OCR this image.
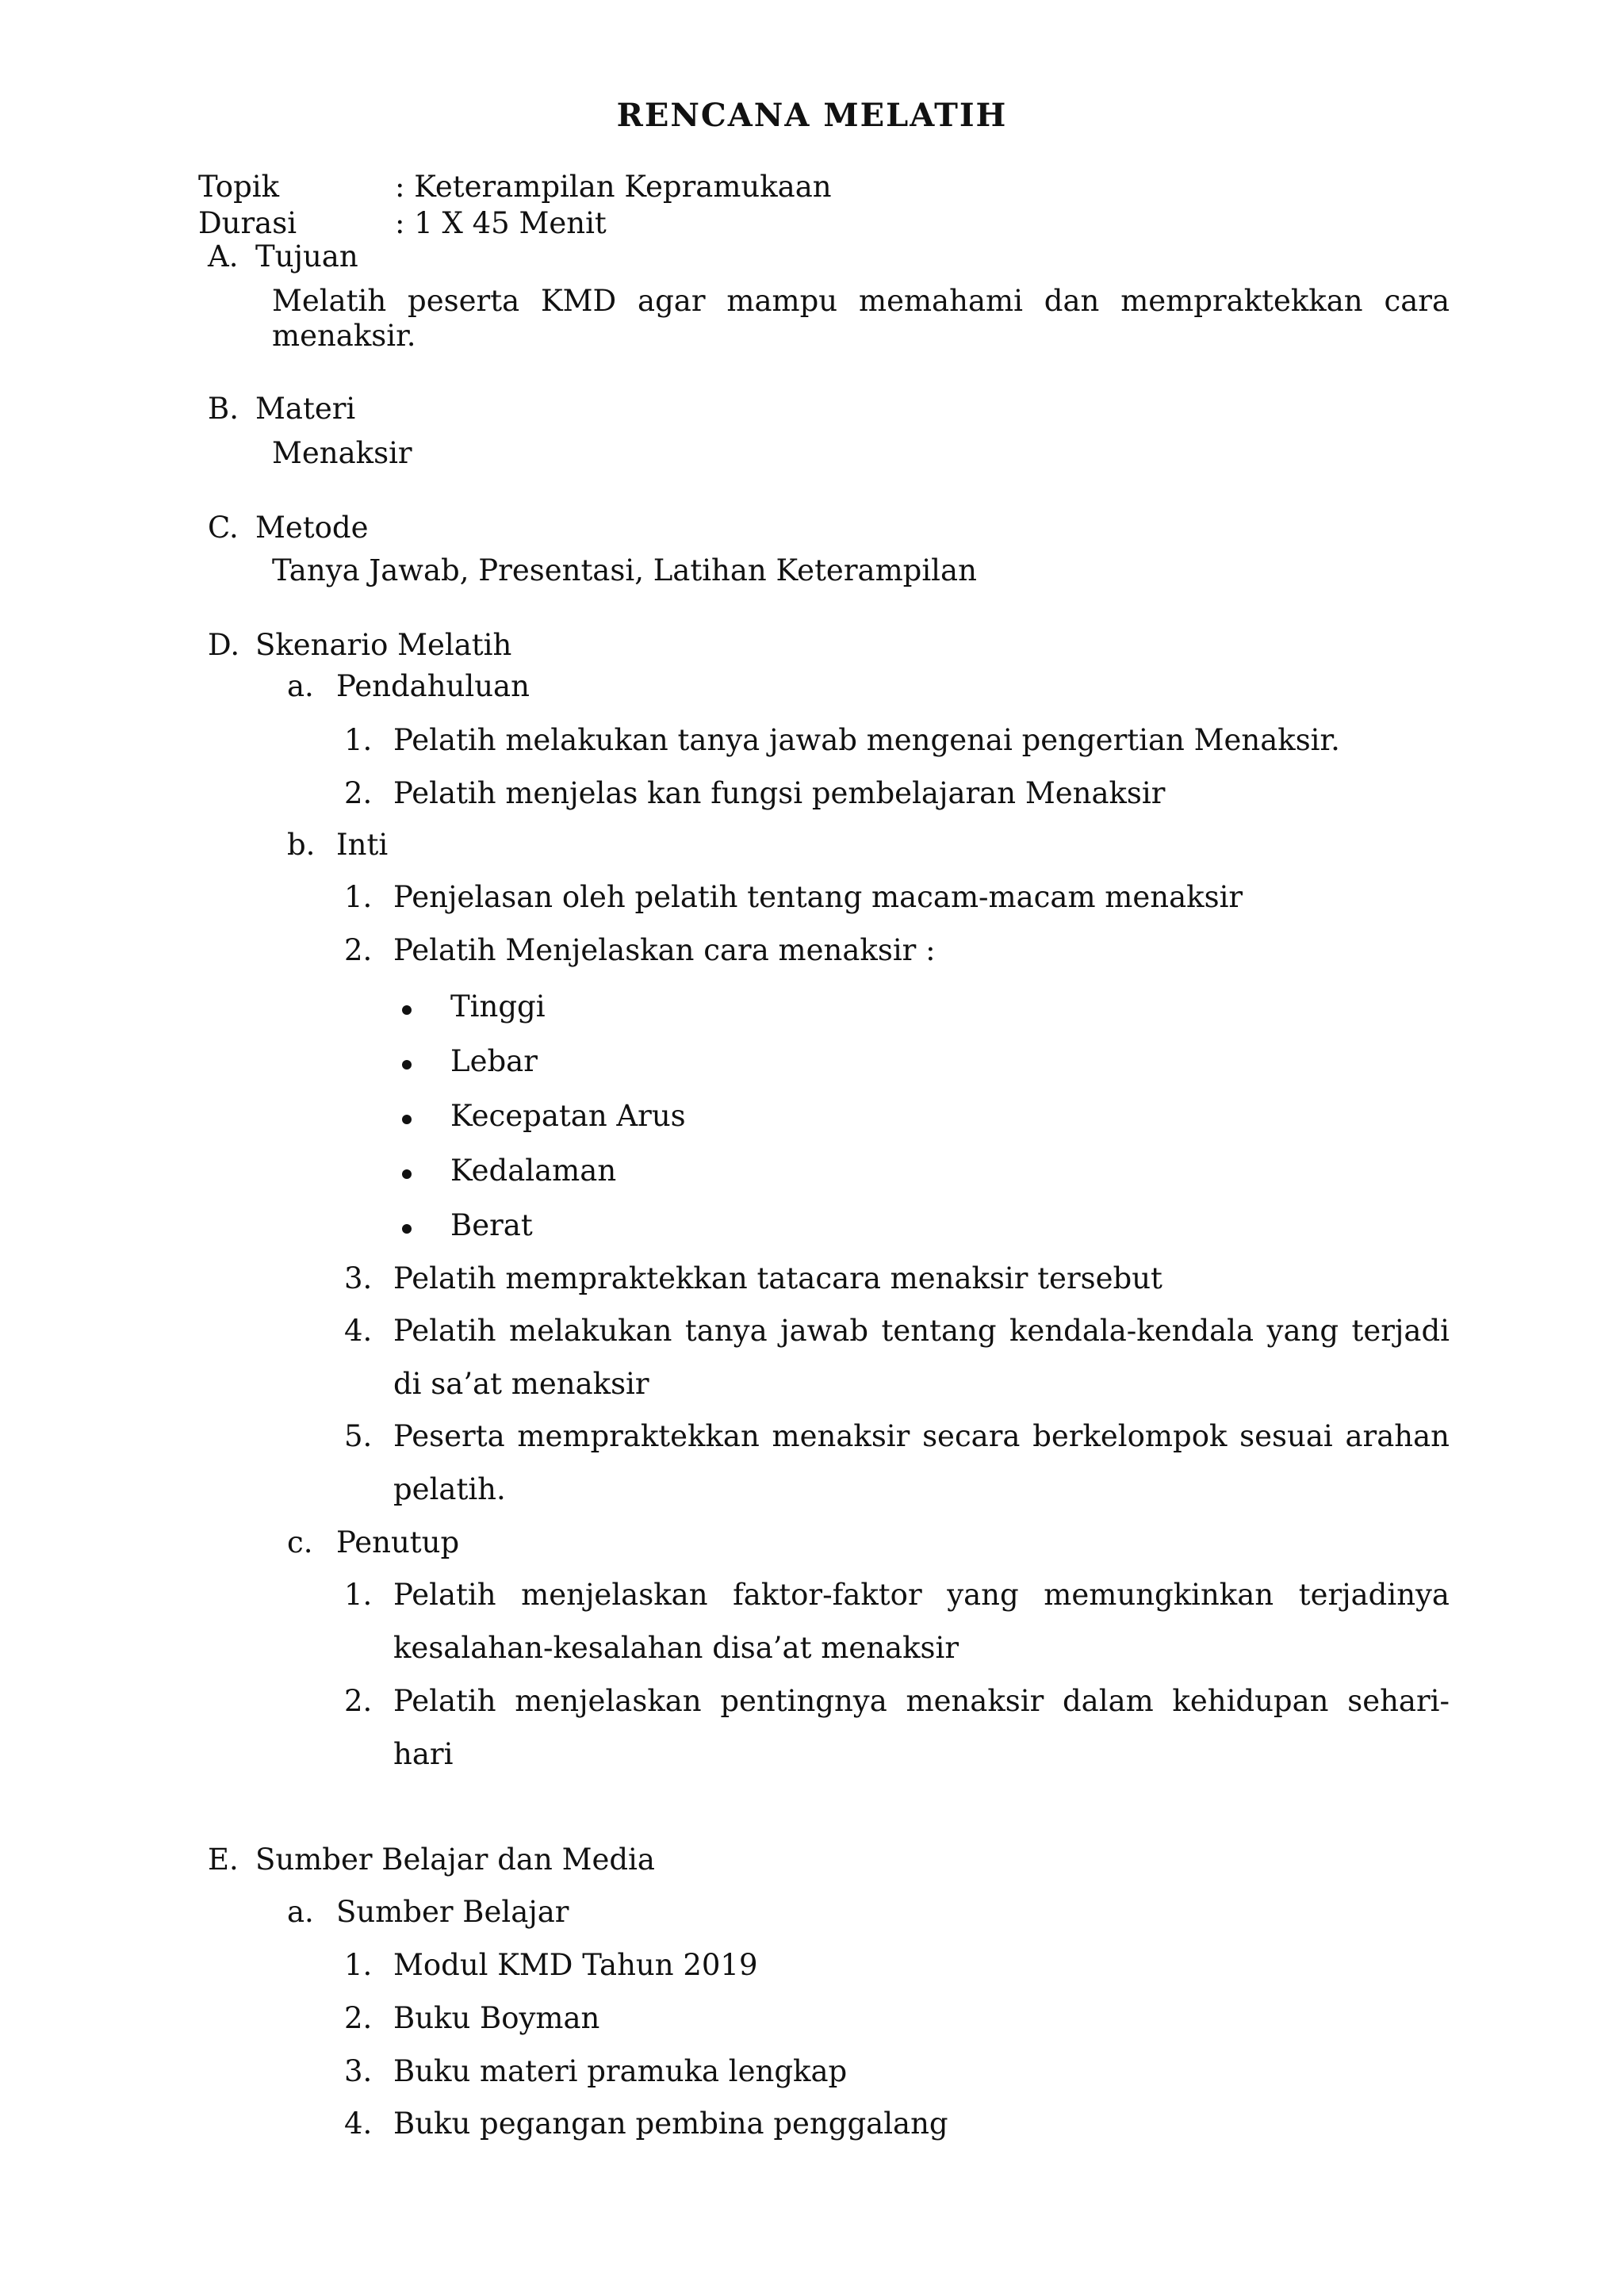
RENCANA MELATIH
Topik	: Keterampilan Kepramukaan
Durasi	: 1 X 45 Menit
A. Tujuan
Melatih peserta KMD agar mampu memahami dan mempraktekkan cara
menaksir.
B. Materi
Menaksir
C. Metode
Tanya Jawab, Presentasi, Latihan Keterampilan
D. Skenario Melatih
a. Pendahuluan
1. Pelatih melakukan tanya jawab mengenai pengertian Menaksir.
2. Pelatih menjelas kan fungsi pembelajaran Menaksir
b. Inti
1. Penjelasan oleh pelatih tentang macam-macam menaksir
2. Pelatih Menjelaskan cara menaksir :
Tinggi
Lebar
Kecepatan Arus
Kedalaman
Berat
3. Pelatih mempraktekkan tatacara menaksir tersebut
4. Pelatih melakukan tanya jawab tentang kendala-kendala yang terjadi
di sa’at menaksir
5. Peserta mempraktekkan menaksir secara berkelompok sesuai arahan
pelatih.
c. Penutup
1. Pelatih menjelaskan faktor-faktor yang memungkinkan terjadinya
kesalahan-kesalahan disa’at menaksir
2. Pelatih menjelaskan pentingnya menaksir dalam kehidupan sehari-
hari
E. Sumber Belajar dan Media
a. Sumber Belajar
1. Modul KMD Tahun 2019
2. Buku Boyman
3. Buku materi pramuka lengkap
4. Buku pegangan pembina penggalang
